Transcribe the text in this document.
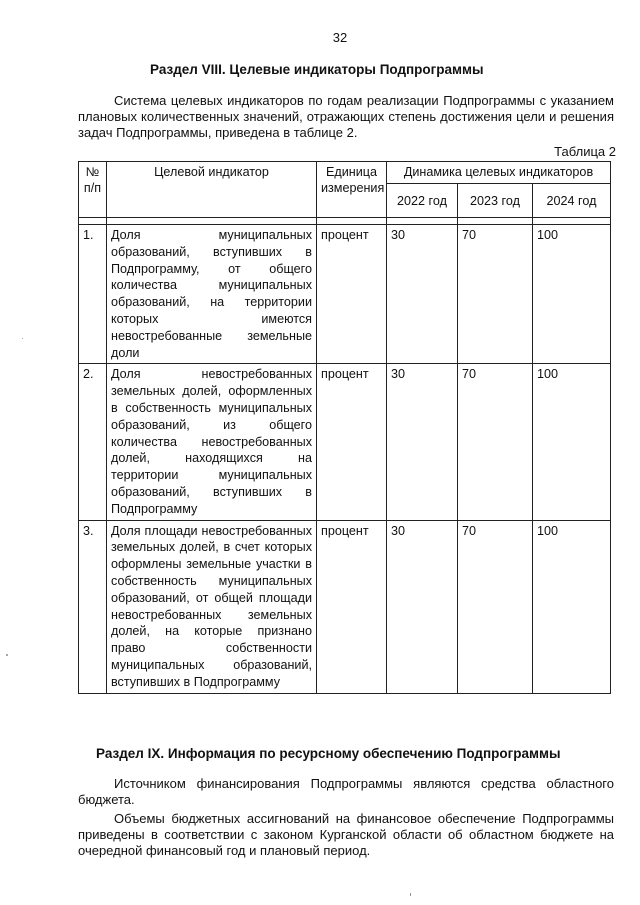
32
Раздел VIII. Целевые индикаторы Подпрограммы
Система целевых индикаторов по годам реализации Подпрограммы с указанием плановых количественных значений, отражающих степень достижения цели и решения задач Подпрограммы, приведена в таблице 2.
Таблица 2
№ п/п	Целевой индикатор	Единица измерения	Динамика целевых индикаторов		
			2022 год	2023 год	2024 год

1.	Доля муниципальных образований, вступивших в Подпрограмму, от общего количества муниципальных образований, на территории которых имеются невостребованные земельные доли	процент	30	70	100
2.	Доля невостребованных земельных долей, оформленных в собственность муниципальных образований, из общего количества невостребованных долей, находящихся на территории муниципальных образований, вступивших в Подпрограмму	процент	30	70	100
3.	Доля площади невостребованных земельных долей, в счет которых оформлены земельные участки в собственность муниципальных образований, от общей площади невостребованных земельных долей, на которые признано право собственности муниципальных образований, вступивших в Подпрограмму	процент	30	70	100
Раздел IX. Информация по ресурсному обеспечению Подпрограммы
Источником финансирования Подпрограммы являются средства областного бюджета.
Объемы бюджетных ассигнований на финансовое обеспечение Подпрограммы приведены в соответствии с законом Курганской области об областном бюджете на очередной финансовый год и плановый период.
